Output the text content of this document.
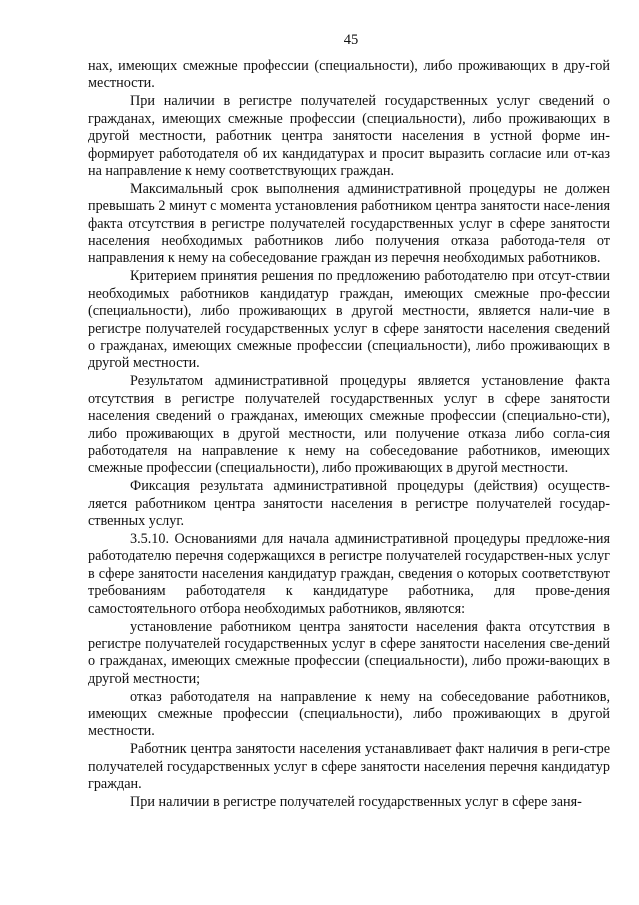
45

нах, имеющих смежные профессии (специальности), либо проживающих в дру-гой местности.

При наличии в регистре получателей государственных услуг сведений о гражданах, имеющих смежные профессии (специальности), либо проживающих в другой местности, работник центра занятости населения в устной форме ин-формирует работодателя об их кандидатурах и просит выразить согласие или от-каз на направление к нему соответствующих граждан.

Максимальный срок выполнения административной процедуры не должен превышать 2 минут с момента установления работником центра занятости насе-ления факта отсутствия в регистре получателей государственных услуг в сфере занятости населения необходимых работников либо получения отказа работода-теля от направления к нему на собеседование граждан из перечня необходимых работников.

Критерием принятия решения по предложению работодателю при отсут-ствии необходимых работников кандидатур граждан, имеющих смежные про-фессии (специальности), либо проживающих в другой местности, является нали-чие в регистре получателей государственных услуг в сфере занятости населения сведений о гражданах, имеющих смежные профессии (специальности), либо проживающих в другой местности.

Результатом административной процедуры является установление факта отсутствия в регистре получателей государственных услуг в сфере занятости населения сведений о гражданах, имеющих смежные профессии (специально-сти), либо проживающих в другой местности, или получение отказа либо согла-сия работодателя на направление к нему на собеседование работников, имеющих смежные профессии (специальности), либо проживающих в другой местности.

Фиксация результата административной процедуры (действия) осуществ-ляется работником центра занятости населения в регистре получателей государ-ственных услуг.

3.5.10. Основаниями для начала административной процедуры предложе-ния работодателю перечня содержащихся в регистре получателей государствен-ных услуг в сфере занятости населения кандидатур граждан, сведения о которых соответствуют требованиям работодателя к кандидатуре работника, для прове-дения самостоятельного отбора необходимых работников, являются:

установление работником центра занятости населения факта отсутствия в регистре получателей государственных услуг в сфере занятости населения све-дений о гражданах, имеющих смежные профессии (специальности), либо прожи-вающих в другой местности;

отказ работодателя на направление к нему на собеседование работников, имеющих смежные профессии (специальности), либо проживающих в другой местности.

Работник центра занятости населения устанавливает факт наличия в реги-стре получателей государственных услуг в сфере занятости населения перечня кандидатур граждан.

При наличии в регистре получателей государственных услуг в сфере заня-
